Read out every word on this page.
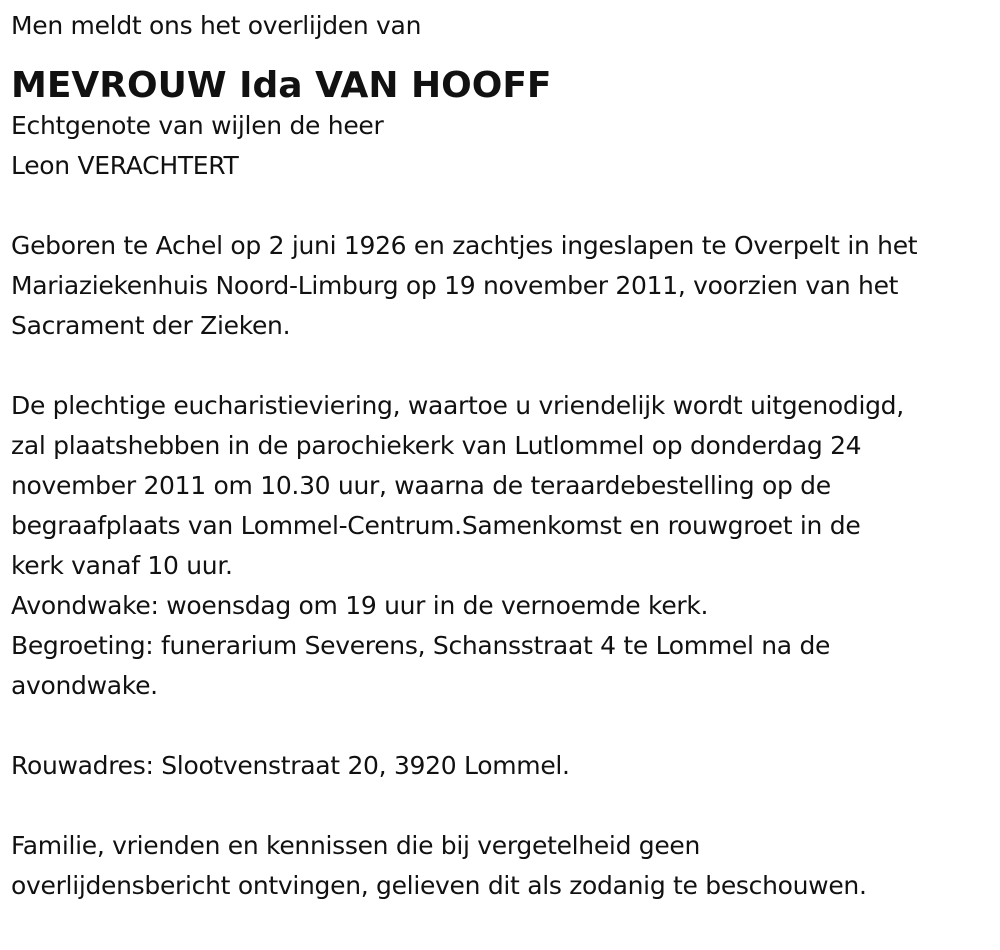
Men meldt ons het overlijden van
MEVROUW Ida VAN HOOFF
Echtgenote van wijlen de heer
Leon VERACHTERT
Geboren te Achel op 2 juni 1926 en zachtjes ingeslapen te Overpelt in het
Mariaziekenhuis Noord-Limburg op 19 november 2011, voorzien van het
Sacrament der Zieken.
De plechtige eucharistieviering, waartoe u vriendelijk wordt uitgenodigd,
zal plaatshebben in de parochiekerk van Lutlommel op donderdag 24
november 2011 om 10.30 uur, waarna de teraardebestelling op de
begraafplaats van Lommel-Centrum.Samenkomst en rouwgroet in de
kerk vanaf 10 uur.
Avondwake: woensdag om 19 uur in de vernoemde kerk.
Begroeting: funerarium Severens, Schansstraat 4 te Lommel na de
avondwake.
Rouwadres: Slootvenstraat 20, 3920 Lommel.
Familie, vrienden en kennissen die bij vergetelheid geen
overlijdensbericht ontvingen, gelieven dit als zodanig te beschouwen.
